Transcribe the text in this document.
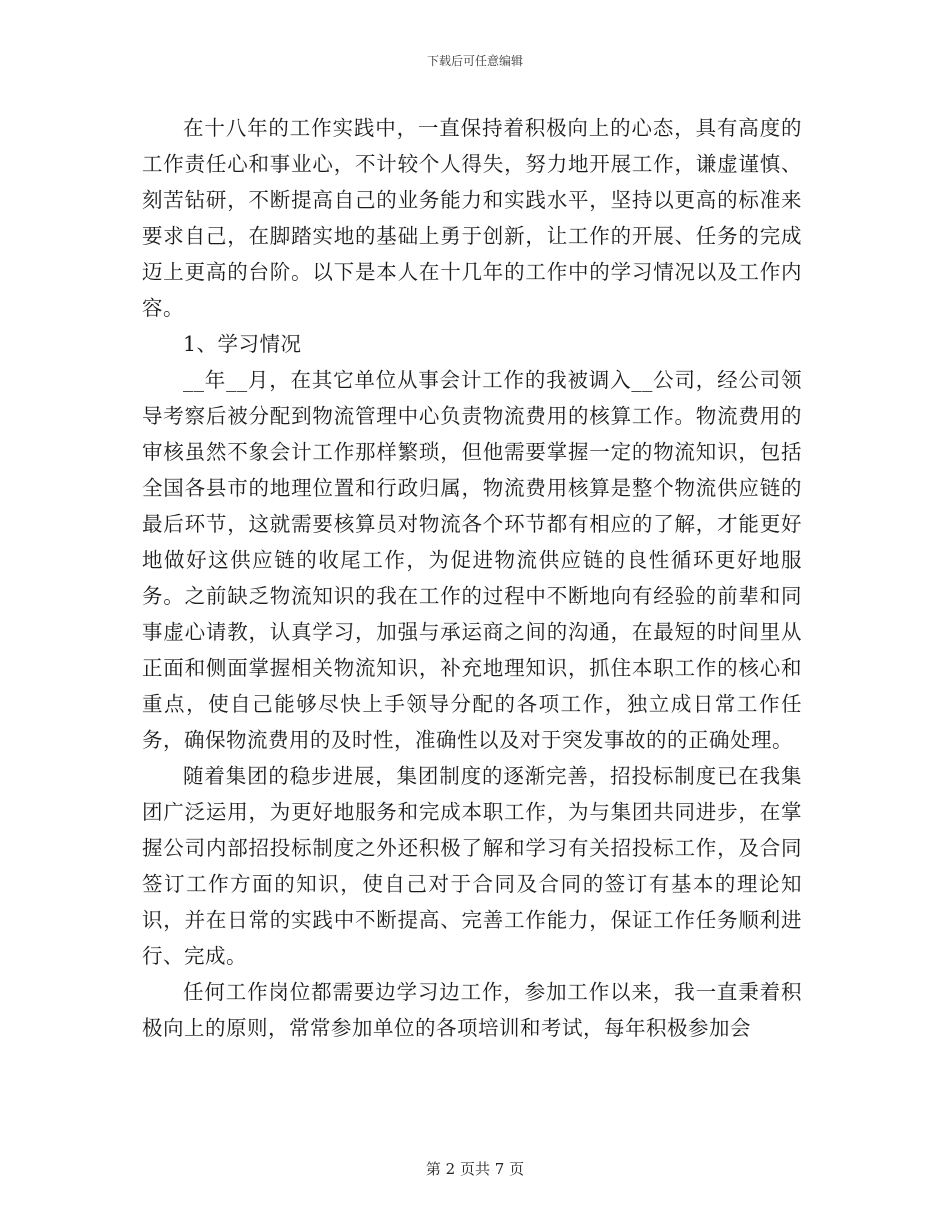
下载后可任意编辑

在十八年的工作实践中，一直保持着积极向上的心态，具有高度的工作责任心和事业心，不计较个人得失，努力地开展工作，谦虚谨慎、刻苦钻研，不断提高自己的业务能力和实践水平，坚持以更高的标准来要求自己，在脚踏实地的基础上勇于创新，让工作的开展、任务的完成迈上更高的台阶。以下是本人在十几年的工作中的学习情况以及工作内容。

1、学习情况

__年__月，在其它单位从事会计工作的我被调入__公司，经公司领导考察后被分配到物流管理中心负责物流费用的核算工作。物流费用的审核虽然不象会计工作那样繁琐，但他需要掌握一定的物流知识，包括全国各县市的地理位置和行政归属，物流费用核算是整个物流供应链的最后环节，这就需要核算员对物流各个环节都有相应的了解，才能更好地做好这供应链的收尾工作，为促进物流供应链的良性循环更好地服务。之前缺乏物流知识的我在工作的过程中不断地向有经验的前辈和同事虚心请教，认真学习，加强与承运商之间的沟通，在最短的时间里从正面和侧面掌握相关物流知识，补充地理知识，抓住本职工作的核心和重点，使自己能够尽快上手领导分配的各项工作，独立成日常工作任务，确保物流费用的及时性，准确性以及对于突发事故的的正确处理。

随着集团的稳步进展，集团制度的逐渐完善，招投标制度已在我集团广泛运用，为更好地服务和完成本职工作，为与集团共同进步，在掌握公司内部招投标制度之外还积极了解和学习有关招投标工作，及合同签订工作方面的知识，使自己对于合同及合同的签订有基本的理论知识，并在日常的实践中不断提高、完善工作能力，保证工作任务顺利进行、完成。

任何工作岗位都需要边学习边工作，参加工作以来，我一直秉着积极向上的原则，常常参加单位的各项培训和考试，每年积极参加会

第 2 页共 7 页
